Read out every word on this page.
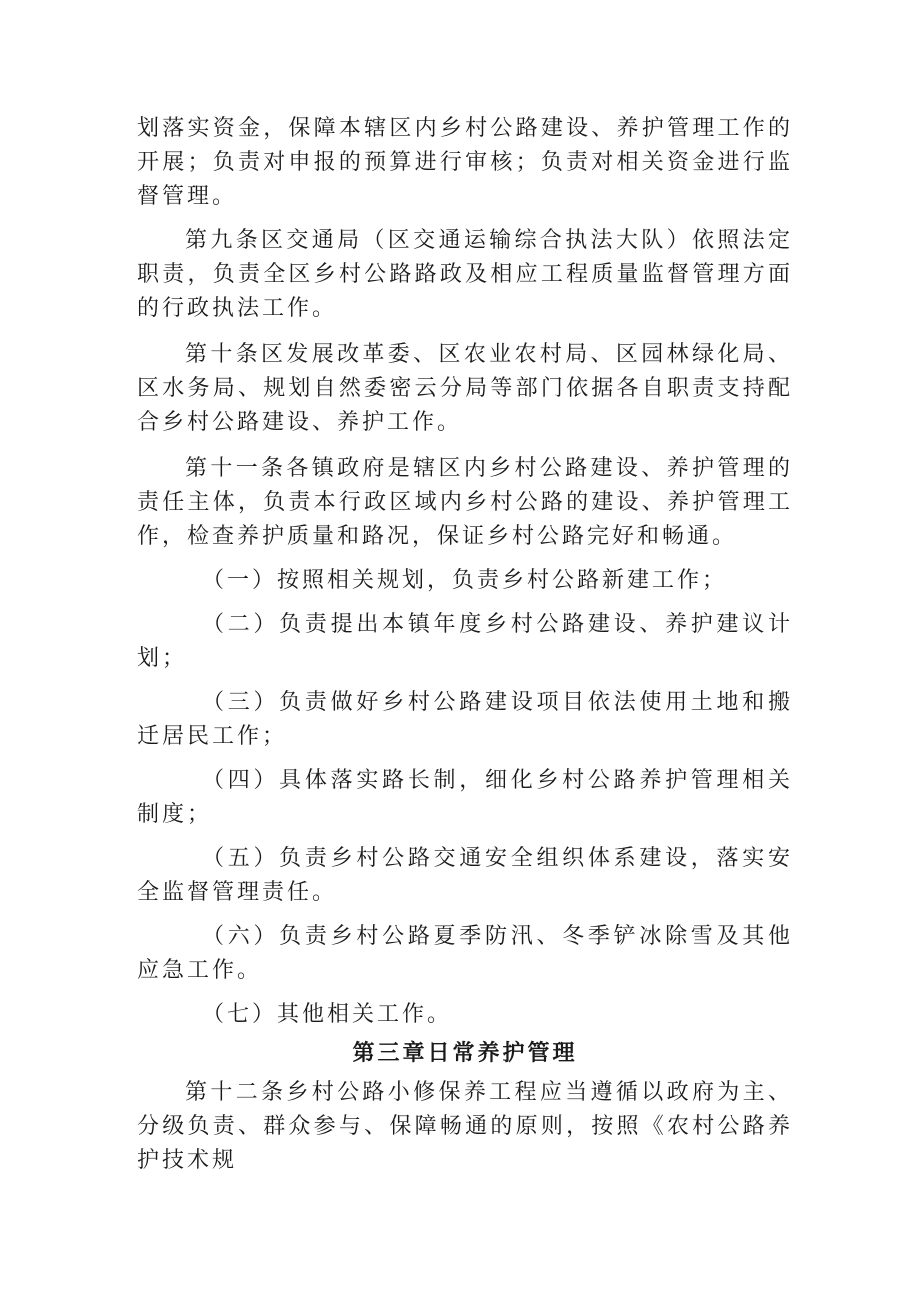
划落实资金，保障本辖区内乡村公路建设、养护管理工作的开展；负责对申报的预算进行审核；负责对相关资金进行监督管理。

第九条区交通局（区交通运输综合执法大队）依照法定职责，负责全区乡村公路路政及相应工程质量监督管理方面的行政执法工作。

第十条区发展改革委、区农业农村局、区园林绿化局、区水务局、规划自然委密云分局等部门依据各自职责支持配合乡村公路建设、养护工作。

第十一条各镇政府是辖区内乡村公路建设、养护管理的责任主体，负责本行政区域内乡村公路的建设、养护管理工作，检查养护质量和路况，保证乡村公路完好和畅通。

（一）按照相关规划，负责乡村公路新建工作；

（二）负责提出本镇年度乡村公路建设、养护建议计划；

（三）负责做好乡村公路建设项目依法使用土地和搬迁居民工作；

（四）具体落实路长制，细化乡村公路养护管理相关制度；

（五）负责乡村公路交通安全组织体系建设，落实安全监督管理责任。

（六）负责乡村公路夏季防汛、冬季铲冰除雪及其他应急工作。

（七）其他相关工作。

第三章日常养护管理

第十二条乡村公路小修保养工程应当遵循以政府为主、分级负责、群众参与、保障畅通的原则，按照《农村公路养护技术规
